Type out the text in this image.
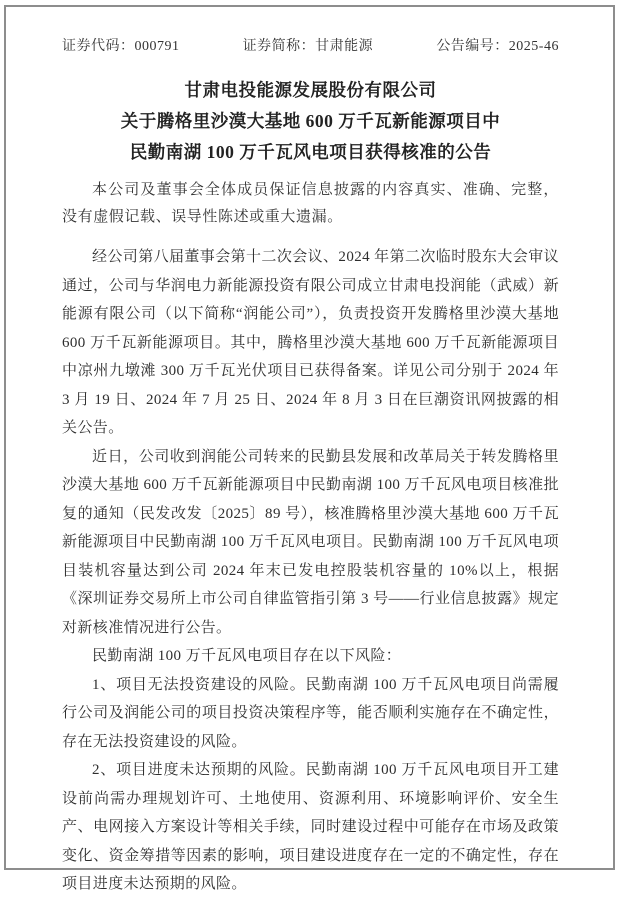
证券代码：000791	证券简称：甘肃能源	公告编号：2025-46
甘肃电投能源发展股份有限公司
关于腾格里沙漠大基地 600 万千瓦新能源项目中
民勤南湖 100 万千瓦风电项目获得核准的公告
本公司及董事会全体成员保证信息披露的内容真实、准确、完整，没有虚假记载、误导性陈述或重大遗漏。

经公司第八届董事会第十二次会议、2024 年第二次临时股东大会审议通过，公司与华润电力新能源投资有限公司成立甘肃电投润能（武威）新能源有限公司（以下简称“润能公司”），负责投资开发腾格里沙漠大基地 600 万千瓦新能源项目。其中，腾格里沙漠大基地 600 万千瓦新能源项目中凉州九墩滩 300 万千瓦光伏项目已获得备案。详见公司分别于 2024 年 3 月 19 日、2024 年 7 月 25 日、2024 年 8 月 3 日在巨潮资讯网披露的相关公告。

近日，公司收到润能公司转来的民勤县发展和改革局关于转发腾格里沙漠大基地 600 万千瓦新能源项目中民勤南湖 100 万千瓦风电项目核准批复的通知（民发改发〔2025〕89 号），核准腾格里沙漠大基地 600 万千瓦新能源项目中民勤南湖 100 万千瓦风电项目。民勤南湖 100 万千瓦风电项目装机容量达到公司 2024 年末已发电控股装机容量的 10%以上，根据《深圳证券交易所上市公司自律监管指引第 3 号——行业信息披露》规定对新核准情况进行公告。

民勤南湖 100 万千瓦风电项目存在以下风险：

1、项目无法投资建设的风险。民勤南湖 100 万千瓦风电项目尚需履行公司及润能公司的项目投资决策程序等，能否顺利实施存在不确定性，存在无法投资建设的风险。

2、项目进度未达预期的风险。民勤南湖 100 万千瓦风电项目开工建设前尚需办理规划许可、土地使用、资源利用、环境影响评价、安全生产、电网接入方案设计等相关手续，同时建设过程中可能存在市场及政策变化、资金筹措等因素的影响，项目建设进度存在一定的不确定性，存在项目进度未达预期的风险。
